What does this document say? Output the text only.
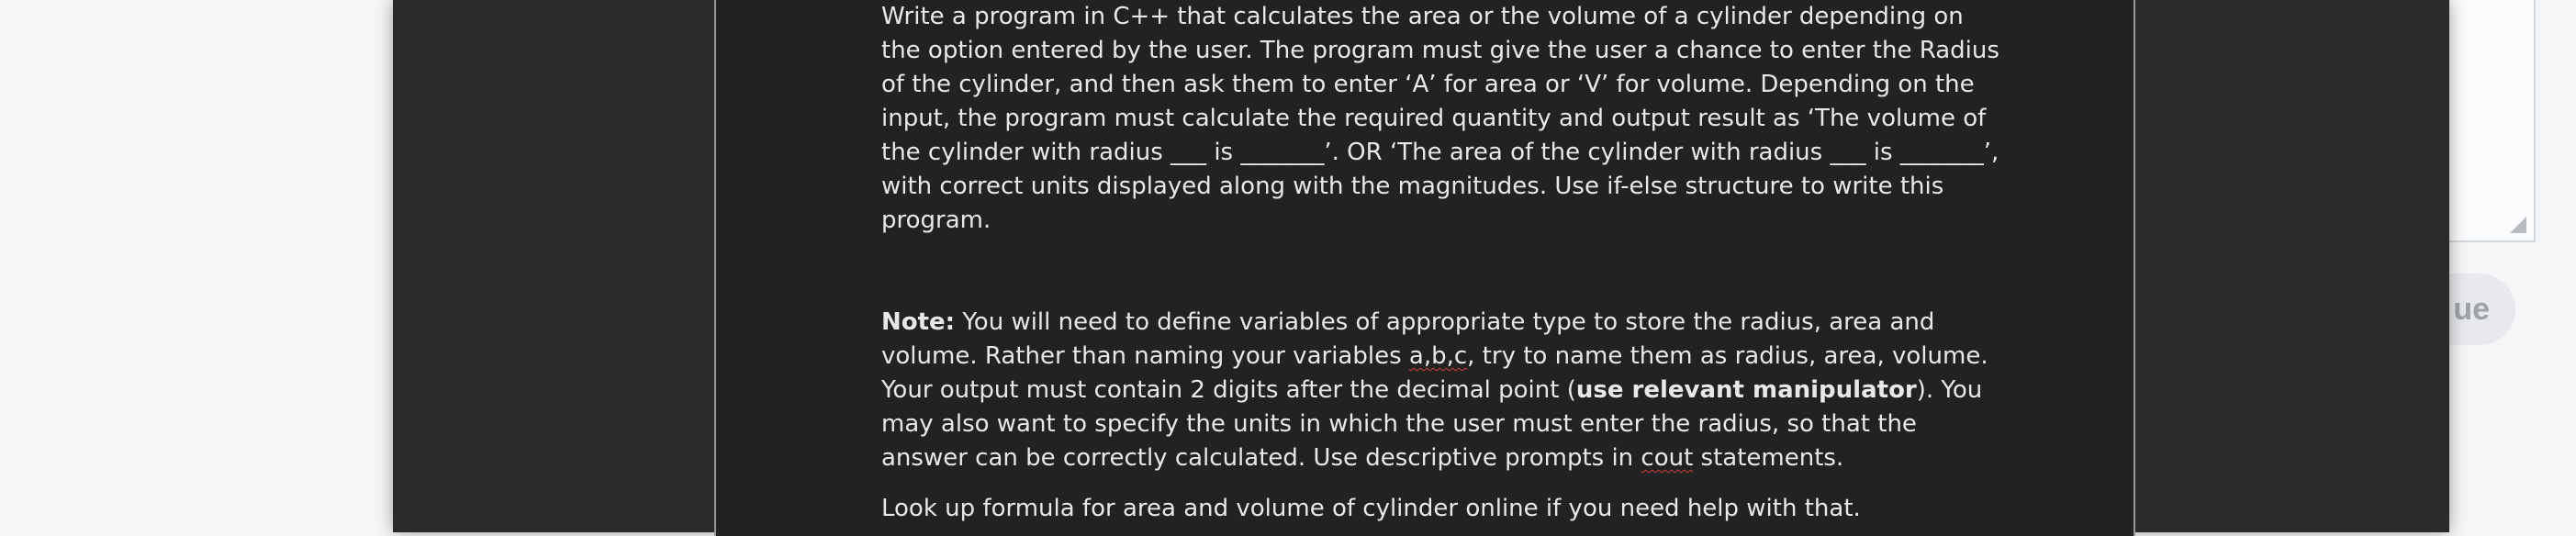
ue

Write a program in C++ that calculates the area or the volume of a cylinder depending on the option entered by the user. The program must give the user a chance to enter the Radius of the cylinder, and then ask them to enter ‘A’ for area or ‘V’ for volume. Depending on the input, the program must calculate the required quantity and output result as ‘The volume of the cylinder with radius ___ is _______’. OR ‘The area of the cylinder with radius ___ is _______’, with correct units displayed along with the magnitudes. Use if-else structure to write this program.

Note: You will need to define variables of appropriate type to store the radius, area and volume. Rather than naming your variables a,b,c, try to name them as radius, area, volume. Your output must contain 2 digits after the decimal point (use relevant manipulator). You may also want to specify the units in which the user must enter the radius, so that the answer can be correctly calculated. Use descriptive prompts in cout statements.

Look up formula for area and volume of cylinder online if you need help with that.
